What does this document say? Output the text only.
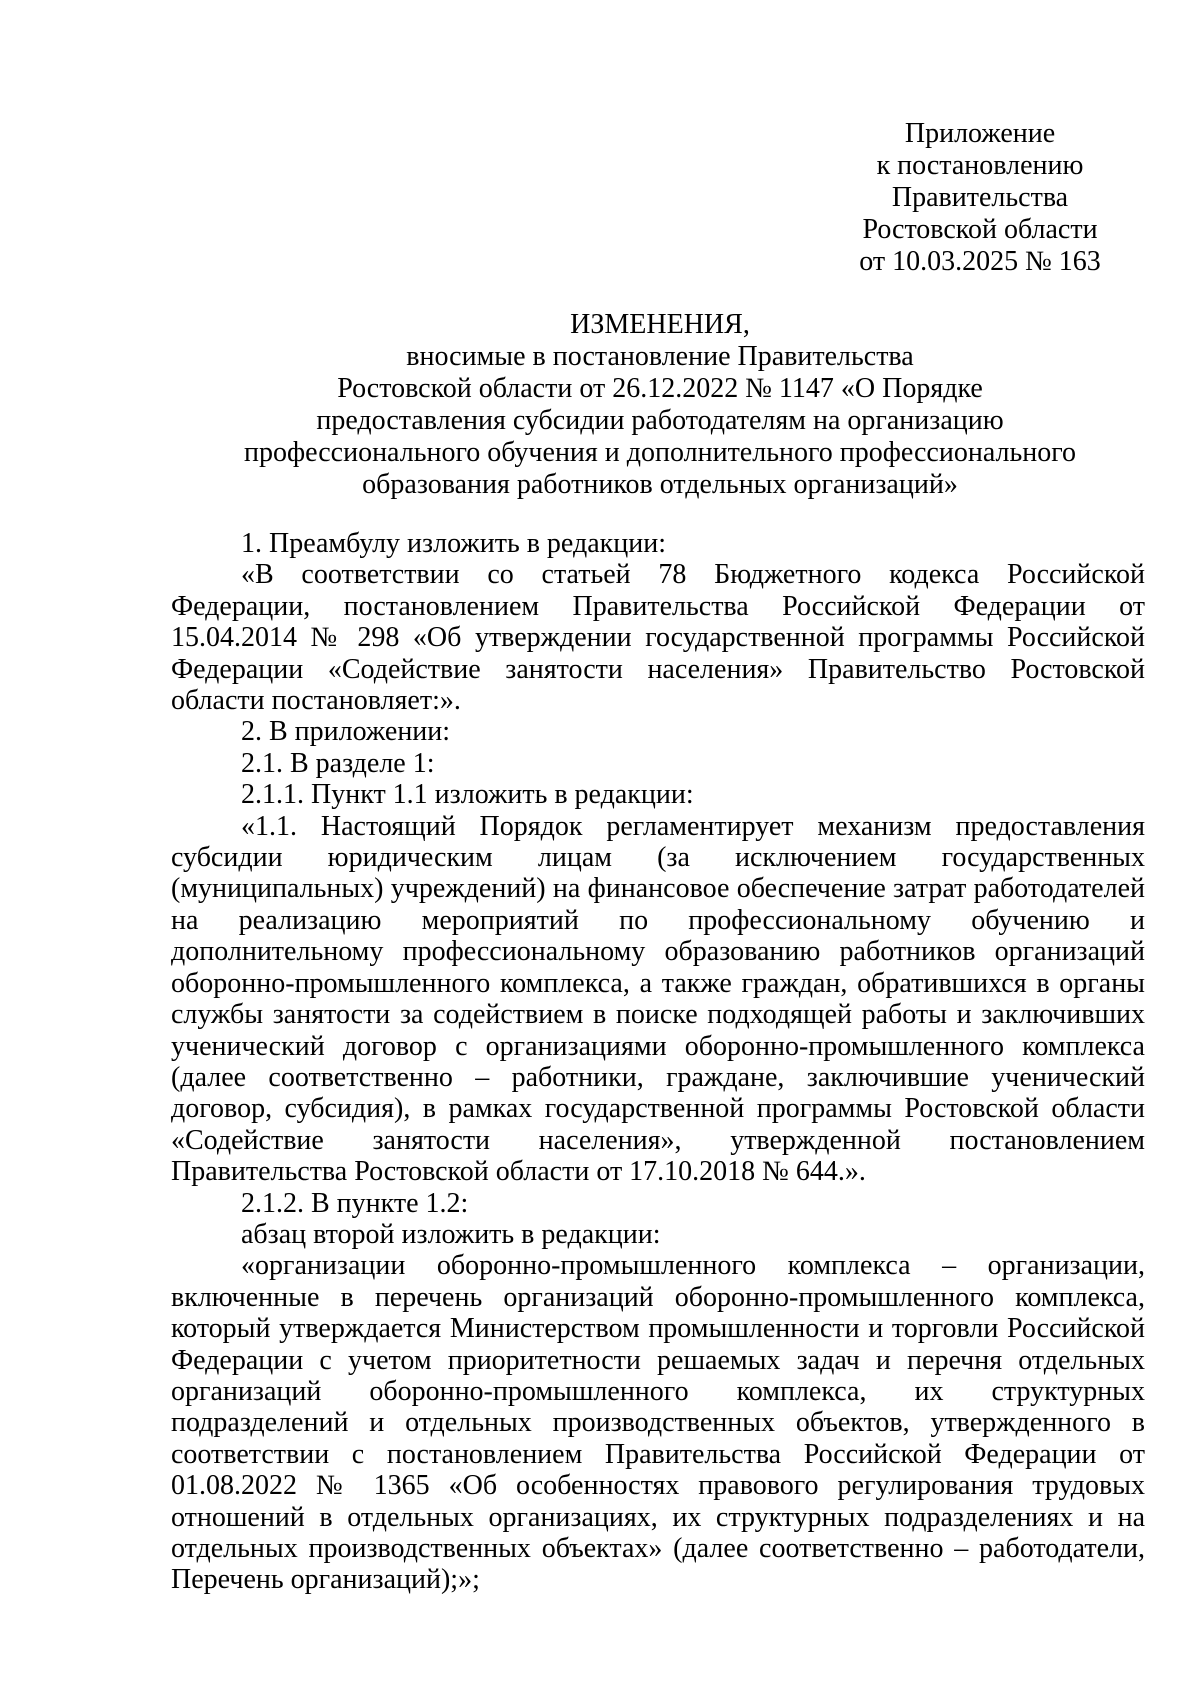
Приложение
к постановлению
Правительства
Ростовской области
от 10.03.2025 № 163
ИЗМЕНЕНИЯ,
вносимые в постановление Правительства
Ростовской области от 26.12.2022 № 1147 «О Порядке
предоставления субсидии работодателям на организацию
профессионального обучения и дополнительного профессионального
образования работников отдельных организаций»

1. Преамбулу изложить в редакции:

«В соответствии со статьей 78 Бюджетного кодекса Российской Федерации, постановлением Правительства Российской Федерации от 15.04.2014 № 298 «Об утверждении государственной программы Российской Федерации «Содействие занятости населения» Правительство Ростовской области постановляет:».

2. В приложении:

2.1. В разделе 1:

2.1.1. Пункт 1.1 изложить в редакции:

«1.1. Настоящий Порядок регламентирует механизм предоставления субсидии юридическим лицам (за исключением государственных (муниципальных) учреждений) на финансовое обеспечение затрат работодателей на реализацию мероприятий по профессиональному обучению и дополнительному профессиональному образованию работников организаций оборонно-промышленного комплекса, а также граждан, обратившихся в органы службы занятости за содействием в поиске подходящей работы и заключивших ученический договор с организациями оборонно-промышленного комплекса (далее соответственно – работники, граждане, заключившие ученический договор, субсидия), в рамках государственной программы Ростовской области «Содействие занятости населения», утвержденной постановлением Правительства Ростовской области от 17.10.2018 № 644.».

2.1.2. В пункте 1.2:

абзац второй изложить в редакции:

«организации оборонно-промышленного комплекса – организации, включенные в перечень организаций оборонно-промышленного комплекса, который утверждается Министерством промышленности и торговли Российской Федерации с учетом приоритетности решаемых задач и перечня отдельных организаций оборонно-промышленного комплекса, их структурных подразделений и отдельных производственных объектов, утвержденного в соответствии с постановлением Правительства Российской Федерации от 01.08.2022 № 1365 «Об особенностях правового регулирования трудовых отношений в отдельных организациях, их структурных подразделениях и на отдельных производственных объектах» (далее соответственно – работодатели, Перечень организаций);»;
